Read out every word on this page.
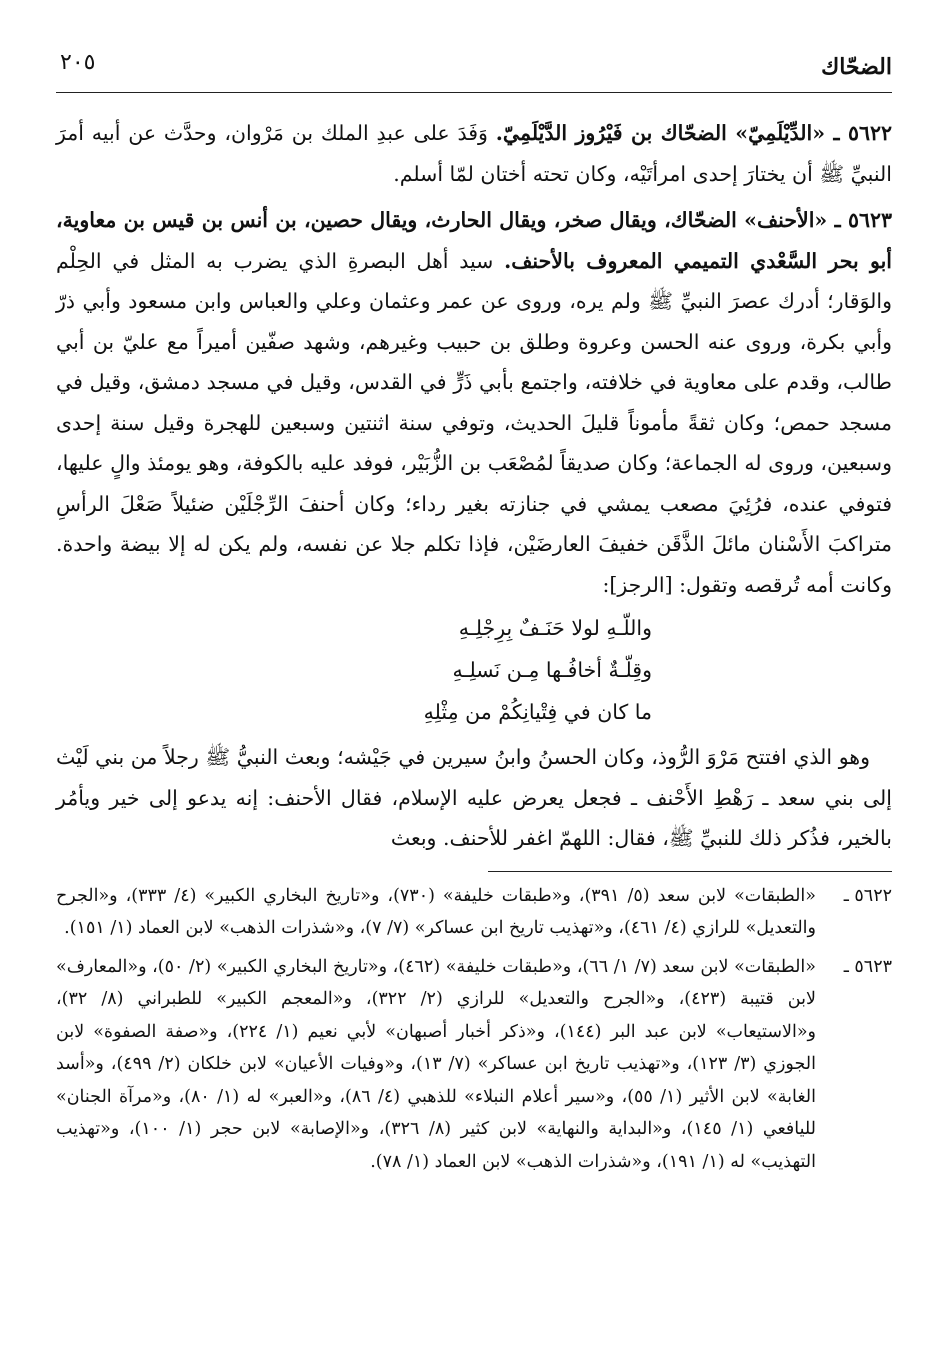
الضحّاك
٢٠٥

٥٦٢٢ ـ «الدِّيْلَمِيّ» الضحّاك بن فَيْرُوز الدَّيْلَمِيّ. وَفَدَ على عبدِ الملك بن مَرْوان، وحدَّث عن أبيه أمرَ النبيِّ ﷺ أن يختارَ إحدى امرأتَيْه، وكان تحته أختان لمّا أسلم.

٥٦٢٣ ـ «الأحنف» الضحّاك، ويقال صخر، ويقال الحارث، ويقال حصين، بن أنس بن قيس بن معاوية، أبو بحر السَّعْدي التميمي المعروف بالأحنف. سيد أهل البصرةِ الذي يضرب به المثل في الحِلْم والوَقار؛ أدرك عصرَ النبيِّ ﷺ ولم يره، وروى عن عمر وعثمان وعلي والعباس وابن مسعود وأبي ذرّ وأبي بكرة، وروى عنه الحسن وعروة وطلق بن حبيب وغيرهم، وشهد صفّين أميراً مع عليّ بن أبي طالب، وقدم على معاوية في خلافته، واجتمع بأبي ذَرٍّ في القدس، وقيل في مسجد دمشق، وقيل في مسجد حمص؛ وكان ثقةً مأموناً قليلَ الحديث، وتوفي سنة اثنتين وسبعين للهجرة وقيل سنة إحدى وسبعين، وروى له الجماعة؛ وكان صديقاً لمُصْعَب بن الزُّبَيْر، فوفد عليه بالكوفة، وهو يومئذ والٍ عليها، فتوفي عنده، فرُئِيَ مصعب يمشي في جنازته بغير رداء؛ وكان أحنفَ الرِّجْلَيْن ضئيلاً صَعْلَ الرأسِ متراكبَ الأَسْنان مائلَ الذَّقَن خفيفَ العارضَيْن، فإذا تكلم جلا عن نفسه، ولم يكن له إلا بيضة واحدة. وكانت أمه تُرقصه وتقول: [الرجز]:

واللّـهِ لولا حَنَـفٌ بِرِجْلِـهِ
وقِلّـةٌ أخافُـها مِـن نَسلِـهِ
ما كان في فِتْيانِكُمْ من مِثْلِهِ

وهو الذي افتتح مَرْوَ الرُّوذ، وكان الحسنُ وابنُ سيرين في جَيْشه؛ وبعث النبيُّ ﷺ رجلاً من بني لَيْث إلى بني سعد ـ رَهْطِ الأَحْنف ـ فجعل يعرض عليه الإسلام، فقال الأحنف: إنه يدعو إلى خير ويأمُر بالخير، فذُكر ذلك للنبيِّ ﷺ، فقال: اللهمّ اغفر للأحنف. وبعث

٥٦٢٢ ـ
«الطبقات» لابن سعد (٥/ ٣٩١)، و«طبقات خليفة» (٧٣٠)، و«تاريخ البخاري الكبير» (٤/ ٣٣٣)، و«الجرح والتعديل» للرازي (٤/ ٤٦١)، و«تهذيب تاريخ ابن عساكر» (٧/ ٧)، و«شذرات الذهب» لابن العماد (١/ ١٥١).
٥٦٢٣ ـ
«الطبقات» لابن سعد (٧/ ١/ ٦٦)، و«طبقات خليفة» (٤٦٢)، و«تاريخ البخاري الكبير» (٢/ ٥٠)، و«المعارف» لابن قتيبة (٤٢٣)، و«الجرح والتعديل» للرازي (٢/ ٣٢٢)، و«المعجم الكبير» للطبراني (٨/ ٣٢)، و«الاستيعاب» لابن عبد البر (١٤٤)، و«ذكر أخبار أصبهان» لأبي نعيم (١/ ٢٢٤)، و«صفة الصفوة» لابن الجوزي (٣/ ١٢٣)، و«تهذيب تاريخ ابن عساكر» (٧/ ١٣)، و«وفيات الأعيان» لابن خلكان (٢/ ٤٩٩)، و«أسد الغابة» لابن الأثير (١/ ٥٥)، و«سير أعلام النبلاء» للذهبي (٤/ ٨٦)، و«العبر» له (١/ ٨٠)، و«مرآة الجنان» لليافعي (١/ ١٤٥)، و«البداية والنهاية» لابن كثير (٨/ ٣٢٦)، و«الإصابة» لابن حجر (١/ ١٠٠)، و«تهذيب التهذيب» له (١/ ١٩١)، و«شذرات الذهب» لابن العماد (١/ ٧٨).
